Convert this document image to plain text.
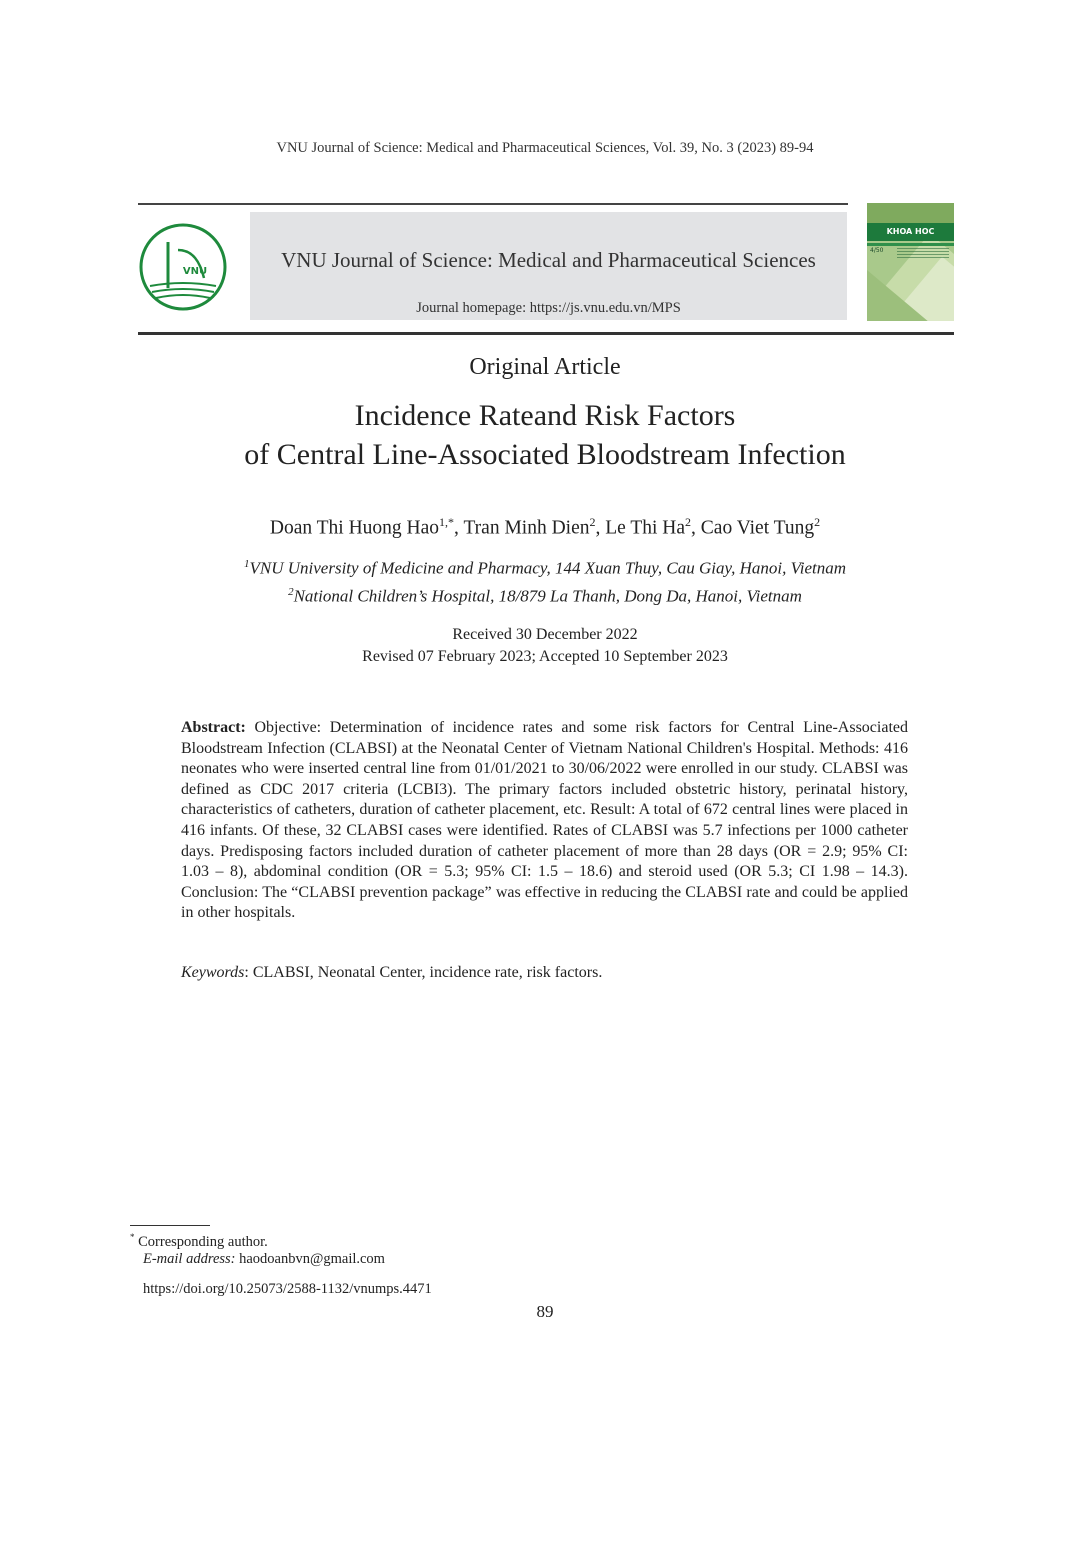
VNU Journal of Science: Medical and Pharmaceutical Sciences, Vol. 39, No. 3 (2023) 89-94
VNU	VNU Journal of Science: Medical and Pharmaceutical Sciences
Journal homepage: https://js.vnu.edu.vn/MPS
KHOA HOC
4/50
Original Article
Incidence Rateand Risk Factors
of Central Line-Associated Bloodstream Infection
Doan Thi Huong Hao$^{1,*}$, Tran Minh Dien$^2$, Le Thi Ha$^2$, Cao Viet Tung$^2$
$^1$VNU University of Medicine and Pharmacy, 144 Xuan Thuy, Cau Giay, Hanoi, Vietnam
$^2$National Children’s Hospital, 18/879 La Thanh, Dong Da, Hanoi, Vietnam
Received 30 December 2022
Revised 07 February 2023; Accepted 10 September 2023
Abstract: Objective: Determination of incidence rates and some risk factors for Central Line-Associated Bloodstream Infection (CLABSI) at the Neonatal Center of Vietnam National Children's Hospital. Methods: 416 neonates who were inserted central line from 01/01/2021 to 30/06/2022 were enrolled in our study. CLABSI was defined as CDC 2017 criteria (LCBI3). The primary factors included obstetric history, perinatal history, characteristics of catheters, duration of catheter placement, etc. Result: A total of 672 central lines were placed in 416 infants. Of these, 32 CLABSI cases were identified. Rates of CLABSI was 5.7 infections per 1000 catheter days. Predisposing factors included duration of catheter placement of more than 28 days (OR = 2.9; 95% CI: 1.03 – 8), abdominal condition (OR = 5.3; 95% CI: 1.5 – 18.6) and steroid used (OR 5.3; CI 1.98 – 14.3). Conclusion: The “CLABSI prevention package” was effective in reducing the CLABSI rate and could be applied in other hospitals.
Keywords: CLABSI, Neonatal Center, incidence rate, risk factors.
* Corresponding author.
E-mail address: haodoanbvn@gmail.com
https://doi.org/10.25073/2588-1132/vnumps.4471
89
